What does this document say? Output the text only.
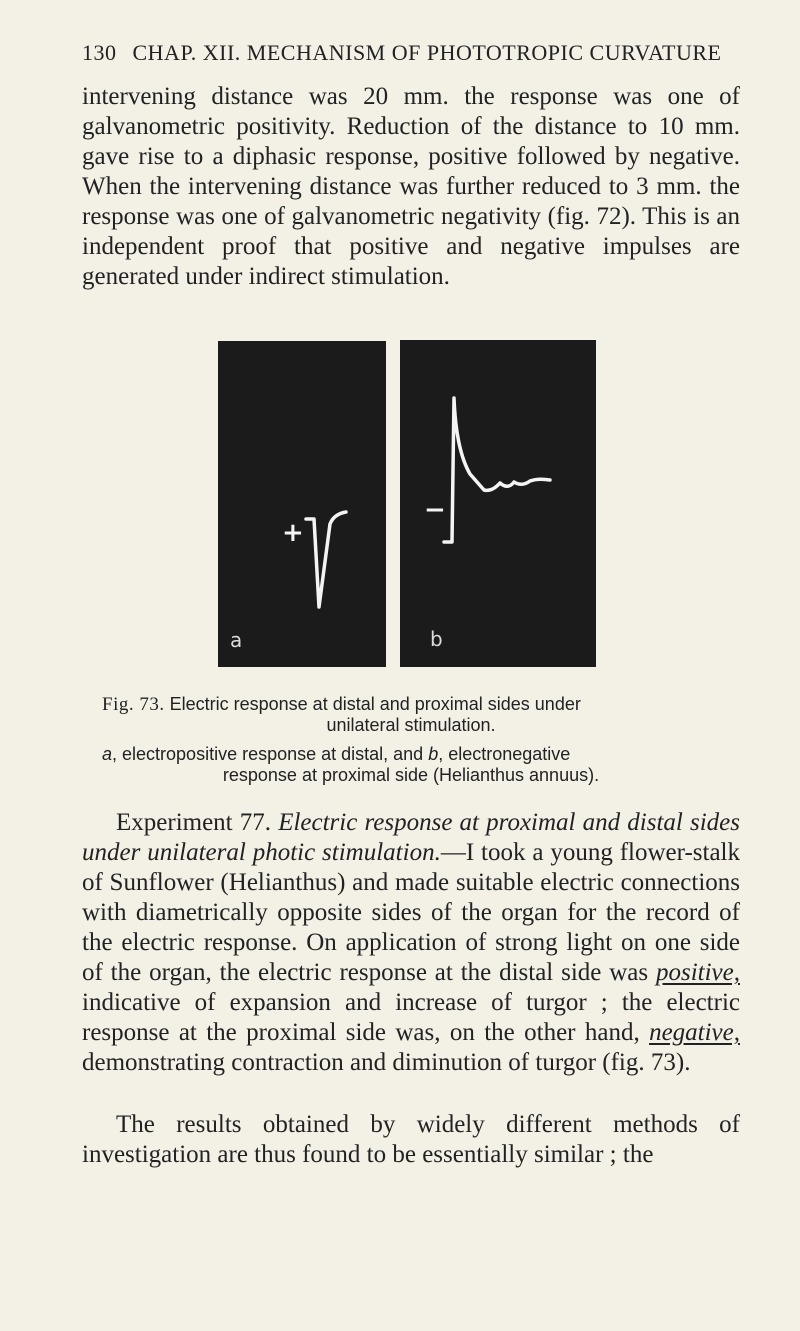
130 CHAP. XII. MECHANISM OF PHOTOTROPIC CURVATURE

intervening distance was 20 mm. the response was one of galvanometric positivity. Reduction of the distance to 10 mm. gave rise to a diphasic response, positive followed by negative. When the intervening distance was further reduced to 3 mm. the response was one of galvanometric negativity (fig. 72). This is an independent proof that positive and negative impulses are generated under indirect stimulation.

+
a
−
b
Fig. 73. Electric response at distal and proximal sides under
unilateral stimulation.
a, electropositive response at distal, and b, electronegative
response at proximal side (Helianthus annuus).

Experiment 77. Electric response at proximal and distal sides under unilateral photic stimulation.—I took a young flower-stalk of Sunflower (Helianthus) and made suitable electric connections with diametrically opposite sides of the organ for the record of the electric response. On application of strong light on one side of the organ, the electric response at the distal side was positive, indicative of expansion and increase of turgor ; the electric response at the proximal side was, on the other hand, negative, demonstrating contraction and diminution of turgor (fig. 73).

The results obtained by widely different methods of investigation are thus found to be essentially similar ; the
